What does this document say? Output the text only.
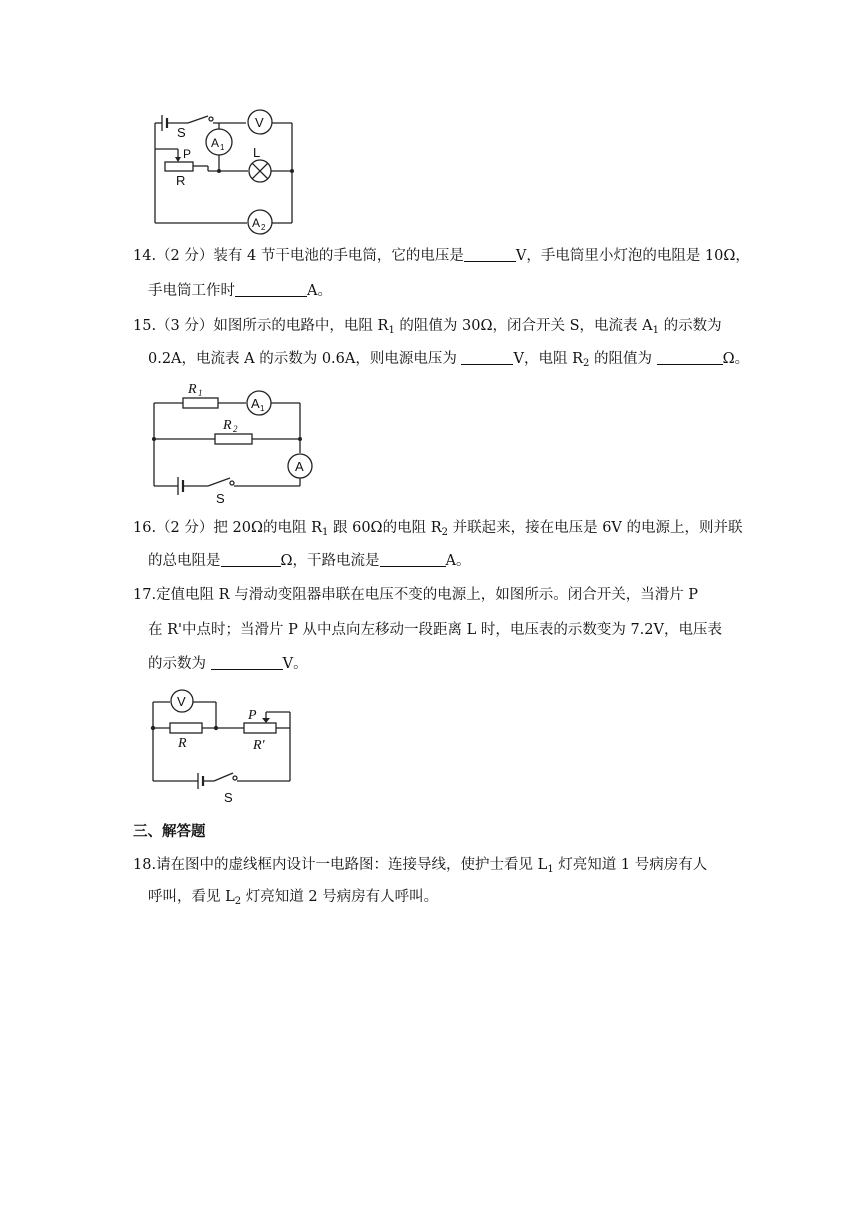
S
V
A 1
P	L
R
A 2
14.（2 分）装有 4 节干电池的手电筒，它的电压是	V，手电筒里小灯泡的电阻是 10Ω，
手电筒工作时	A。
15.（3 分）如图所示的电路中，电阻 $R_1$ 的阻值为 30Ω，闭合开关 S，电流表 $A_1$ 的示数为
0.2A，电流表 A 的示数为 0.6A，则电源电压为	V，电阻 $R_2$ 的阻值为	Ω。
R 1
A 1
R 2
A
S
16.（2 分）把 20Ω的电阻 $R_1$ 跟 60Ω的电阻 $R_2$ 并联起来，接在电压是 6V 的电源上，则并联
的总电阻是	Ω，干路电流是	A。
17.定值电阻 R 与滑动变阻器串联在电压不变的电源上，如图所示。闭合开关，当滑片 P
在 R'中点时；当滑片 P 从中点向左移动一段距离 L 时，电压表的示数变为 7.2V，电压表
的示数为	V。
V
P
R	R'
S
三、解答题
18.请在图中的虚线框内设计一电路图：连接导线，使护士看见 $L_1$ 灯亮知道 1 号病房有人
呼叫，看见 $L_2$ 灯亮知道 2 号病房有人呼叫。
